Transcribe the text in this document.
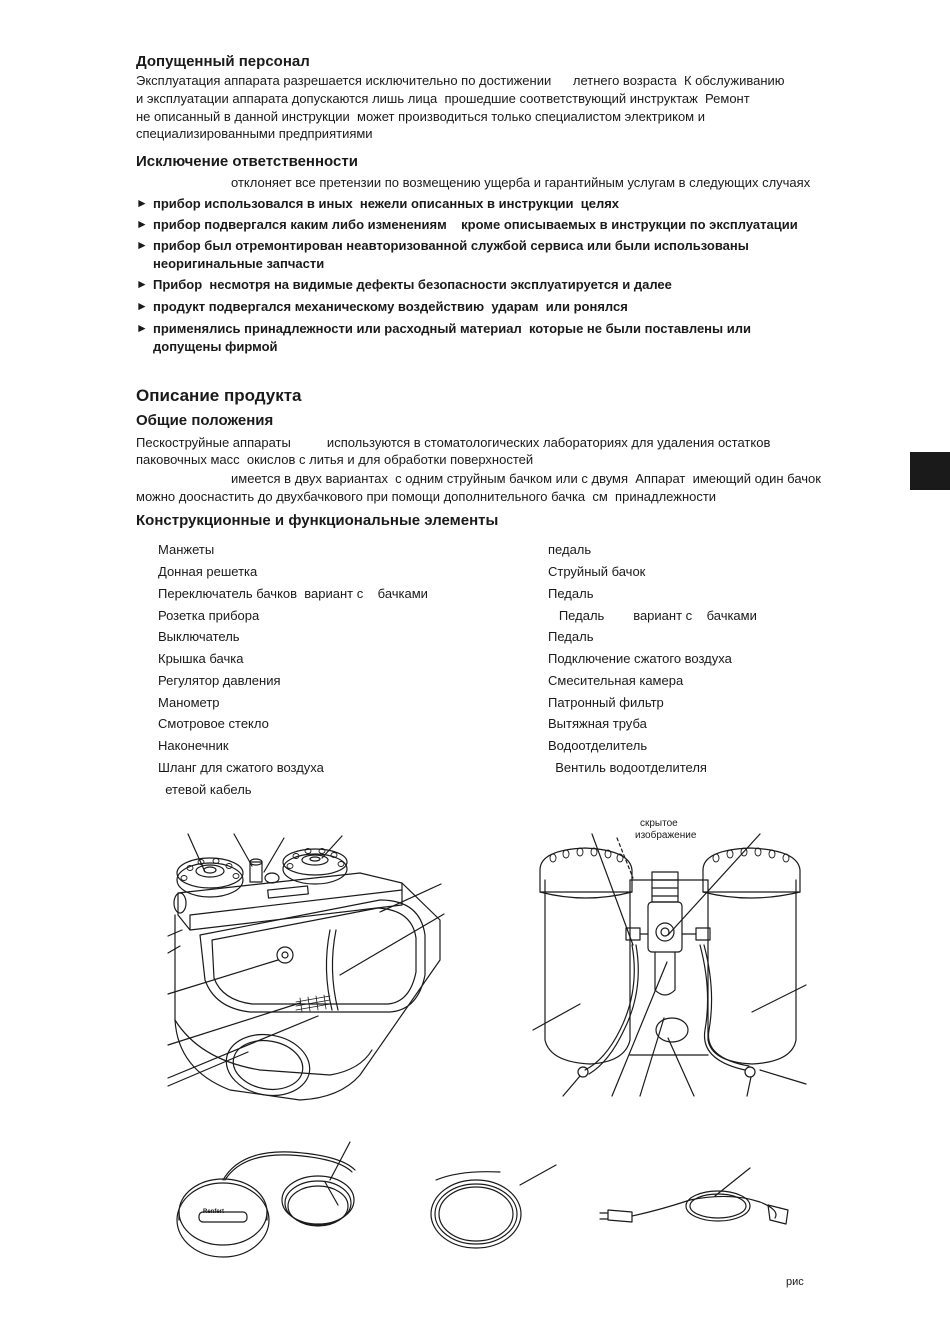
Допущенный персонал
Эксплуатация аппарата разрешается исключительно по достижении      летнего возраста  К обслуживанию
и эксплуатации аппарата допускаются лишь лица  прошедшие соответствующий инструктаж  Ремонт
не описанный в данной инструкции  может производиться только специалистом электриком и
специализированными предприятиями
Исключение ответственности
отклоняет все претензии по возмещению ущерба и гарантийным услугам в следующих случаях
► прибор использовался в иных  нежели описанных в инструкции  целях
► прибор подвергался каким либо изменениям    кроме описываемых в инструкции по эксплуатации
► прибор был отремонтирован неавторизованной службой сервиса или были использованы
неоригинальные запчасти
► Прибор  несмотря на видимые дефекты безопасности эксплуатируется и далее
► продукт подвергался механическому воздействию  ударам  или ронялся
► применялись принадлежности или расходный материал  которые не были поставлены или
допущены фирмой
Описание продукта
Общие положения
Пескоструйные аппараты          используются в стоматологических лабораториях для удаления остатков
паковочных масс  окислов с литья и для обработки поверхностей
имеется в двух вариантах  с одним струйным бачком или с двумя  Аппарат  имеющий один бачок
можно дооснастить до двухбачкового при помощи дополнительного бачка  см  принадлежности
Конструкционные и функциональные элементы
Манжеты
Донная решетка
Переключатель бачков  вариант с    бачками
Розетка прибора
Выключатель
Крышка бачка
Регулятор давления
Манометр
Смотровое стекло
Наконечник
Шланг для сжатого воздуха
етевой кабель
педаль
Струйный бачок
Педаль
Педаль        вариант с    бачками
Педаль
Подключение сжатого воздуха
Смесительная камера
Патронный фильтр
Вытяжная труба
Водоотделитель
Вентиль водоотделителя
скрытое
изображение
Renfert
рис
